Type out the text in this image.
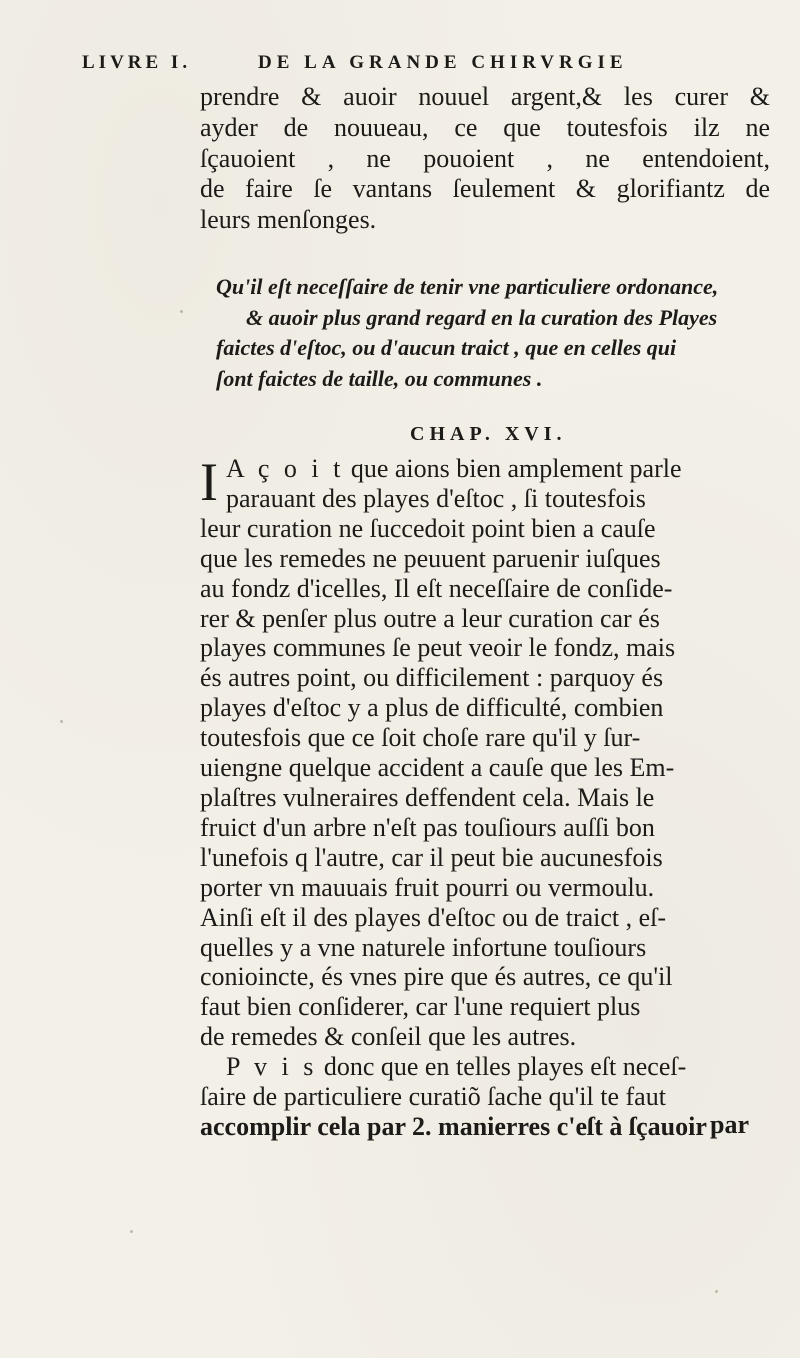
LIVRE I.	DE LA GRANDE CHIRVRGIE
prendre & auoir nouuel argent,& les curer &
ayder de nouueau, ce que toutesfois ilz ne
ſçauoient , ne pouoient , ne entendoient,
de faire ſe vantans ſeulement & glorifiantz de
leurs menſonges.
Qu'il eſt neceſſaire de tenir vne particuliere ordonance,
& auoir plus grand regard en la curation des Playes
faictes d'eſtoc, ou d'aucun traict , que en celles qui
ſont faictes de taille, ou communes .
CHAP. XVI.
I A ç o i t que aions bien amplement parle
parauant des playes d'eſtoc , ſi toutesfois
leur curation ne ſuccedoit point bien a cauſe
que les remedes ne peuuent paruenir iuſques
au fondz d'icelles, Il eſt neceſſaire de conſide-
rer & penſer plus outre a leur curation car és
playes communes ſe peut veoir le fondz, mais
és autres point, ou difficilement : parquoy és
playes d'eſtoc y a plus de difficulté, combien
toutesfois que ce ſoit choſe rare qu'il y ſur-
uiengne quelque accident a cauſe que les Em-
plaſtres vulneraires deffendent cela. Mais le
fruict d'un arbre n'eſt pas touſiours auſſi bon
l'unefois q l'autre, car il peut bie aucunesfois
porter vn mauuais fruit pourri ou vermoulu.
Ainſi eſt il des playes d'eſtoc ou de traict , eſ-
quelles y a vne naturele infortune touſiours
conioincte, és vnes pire que és autres, ce qu'il
faut bien conſiderer, car l'une requiert plus
de remedes & conſeil que les autres.
P v i s donc que en telles playes eſt neceſ-
ſaire de particuliere curatiõ ſache qu'il te faut
accomplir cela par 2. manierres c'eſt à ſçauoir par
